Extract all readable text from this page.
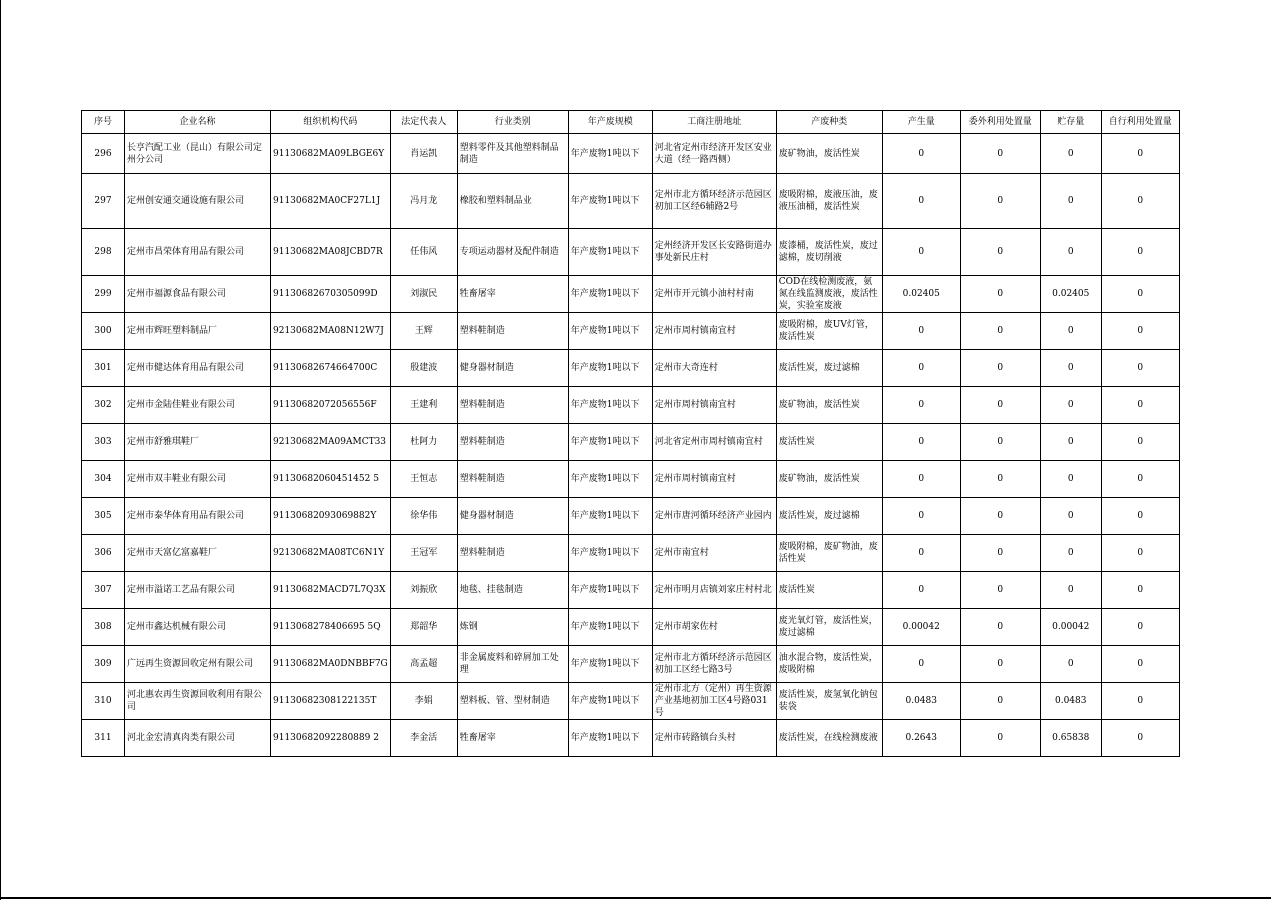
序号	企业名称	组织机构代码	法定代表人	行业类别	年产废规模	工商注册地址	产废种类	产生量	委外利用处置量	贮存量	自行利用处置量
296	长亨汽配工业（昆山）有限公司定州分公司	91130682MA09LBGE6Y	肖运凯	塑料零件及其他塑料制品制造	年产废物1吨以下	河北省定州市经济开发区安业大道（经一路西侧）	废矿物油，废活性炭	0	0	0	0
297	定州创安通交通设施有限公司	91130682MA0CF27L1J	冯月龙	橡胶和塑料制品业	年产废物1吨以下	定州市北方循环经济示范园区初加工区经6辅路2号	废吸附棉，废液压油，废液压油桶，废活性炭	0	0	0	0
298	定州市昌荣体育用品有限公司	91130682MA08JCBD7R	任伟风	专项运动器材及配件制造	年产废物1吨以下	定州经济开发区长安路街道办事处新民庄村	废漆桶，废活性炭，废过滤棉，废切削液	0	0	0	0
299	定州市福源食品有限公司	91130682670305099D	刘淑民	牲畜屠宰	年产废物1吨以下	定州市开元镇小油村村南	COD在线检测废液，氨氮在线监测废液，废活性炭，实验室废液	0.02405	0	0.02405	0
300	定州市辉旺塑料制品厂	92130682MA08N12W7J	王辉	塑料鞋制造	年产废物1吨以下	定州市周村镇南宜村	废吸附棉，废UV灯管，废活性炭	0	0	0	0
301	定州市健达体育用品有限公司	91130682674664700C	殷建波	健身器材制造	年产废物1吨以下	定州市大奇连村	废活性炭，废过滤棉	0	0	0	0
302	定州市金陆佳鞋业有限公司	91130682072056556F	王建利	塑料鞋制造	年产废物1吨以下	定州市周村镇南宜村	废矿物油，废活性炭	0	0	0	0
303	定州市舒雅琪鞋厂	92130682MA09AMCT33	杜阿力	塑料鞋制造	年产废物1吨以下	河北省定州市周村镇南宜村	废活性炭	0	0	0	0
304	定州市双丰鞋业有限公司	91130682060451452 5	王恒志	塑料鞋制造	年产废物1吨以下	定州市周村镇南宜村	废矿物油，废活性炭	0	0	0	0
305	定州市泰华体育用品有限公司	91130682093069882Y	徐华伟	健身器材制造	年产废物1吨以下	定州市唐河循环经济产业园内	废活性炭，废过滤棉	0	0	0	0
306	定州市天富亿富嘉鞋厂	92130682MA08TC6N1Y	王冠军	塑料鞋制造	年产废物1吨以下	定州市南宜村	废吸附棉，废矿物油，废活性炭	0	0	0	0
307	定州市溢诺工艺品有限公司	91130682MACD7L7Q3X	刘振欣	地毯、挂毯制造	年产废物1吨以下	定州市明月店镇刘家庄村村北	废活性炭	0	0	0	0
308	定州市鑫达机械有限公司	9113068278406695 5Q	郑韶华	炼钢	年产废物1吨以下	定州市胡家佐村	废光氧灯管，废活性炭，废过滤棉	0.00042	0	0.00042	0
309	广远再生资源回收定州有限公司	91130682MA0DNBBF7G	高孟超	非金属废料和碎屑加工处理	年产废物1吨以下	定州市北方循环经济示范园区初加工区经七路3号	油水混合物，废活性炭，废吸附棉	0	0	0	0
310	河北惠农再生资源回收利用有限公司	91130682308122135T	李娟	塑料板、管、型材制造	年产废物1吨以下	定州市北方（定州）再生资源产业基地初加工区4号路031号	废活性炭，废氢氧化钠包装袋	0.0483	0	0.0483	0
311	河北金宏清真肉类有限公司	91130682092280889 2	李金活	牲畜屠宰	年产废物1吨以下	定州市砖路镇台头村	废活性炭，在线检测废液	0.2643	0	0.65838	0
